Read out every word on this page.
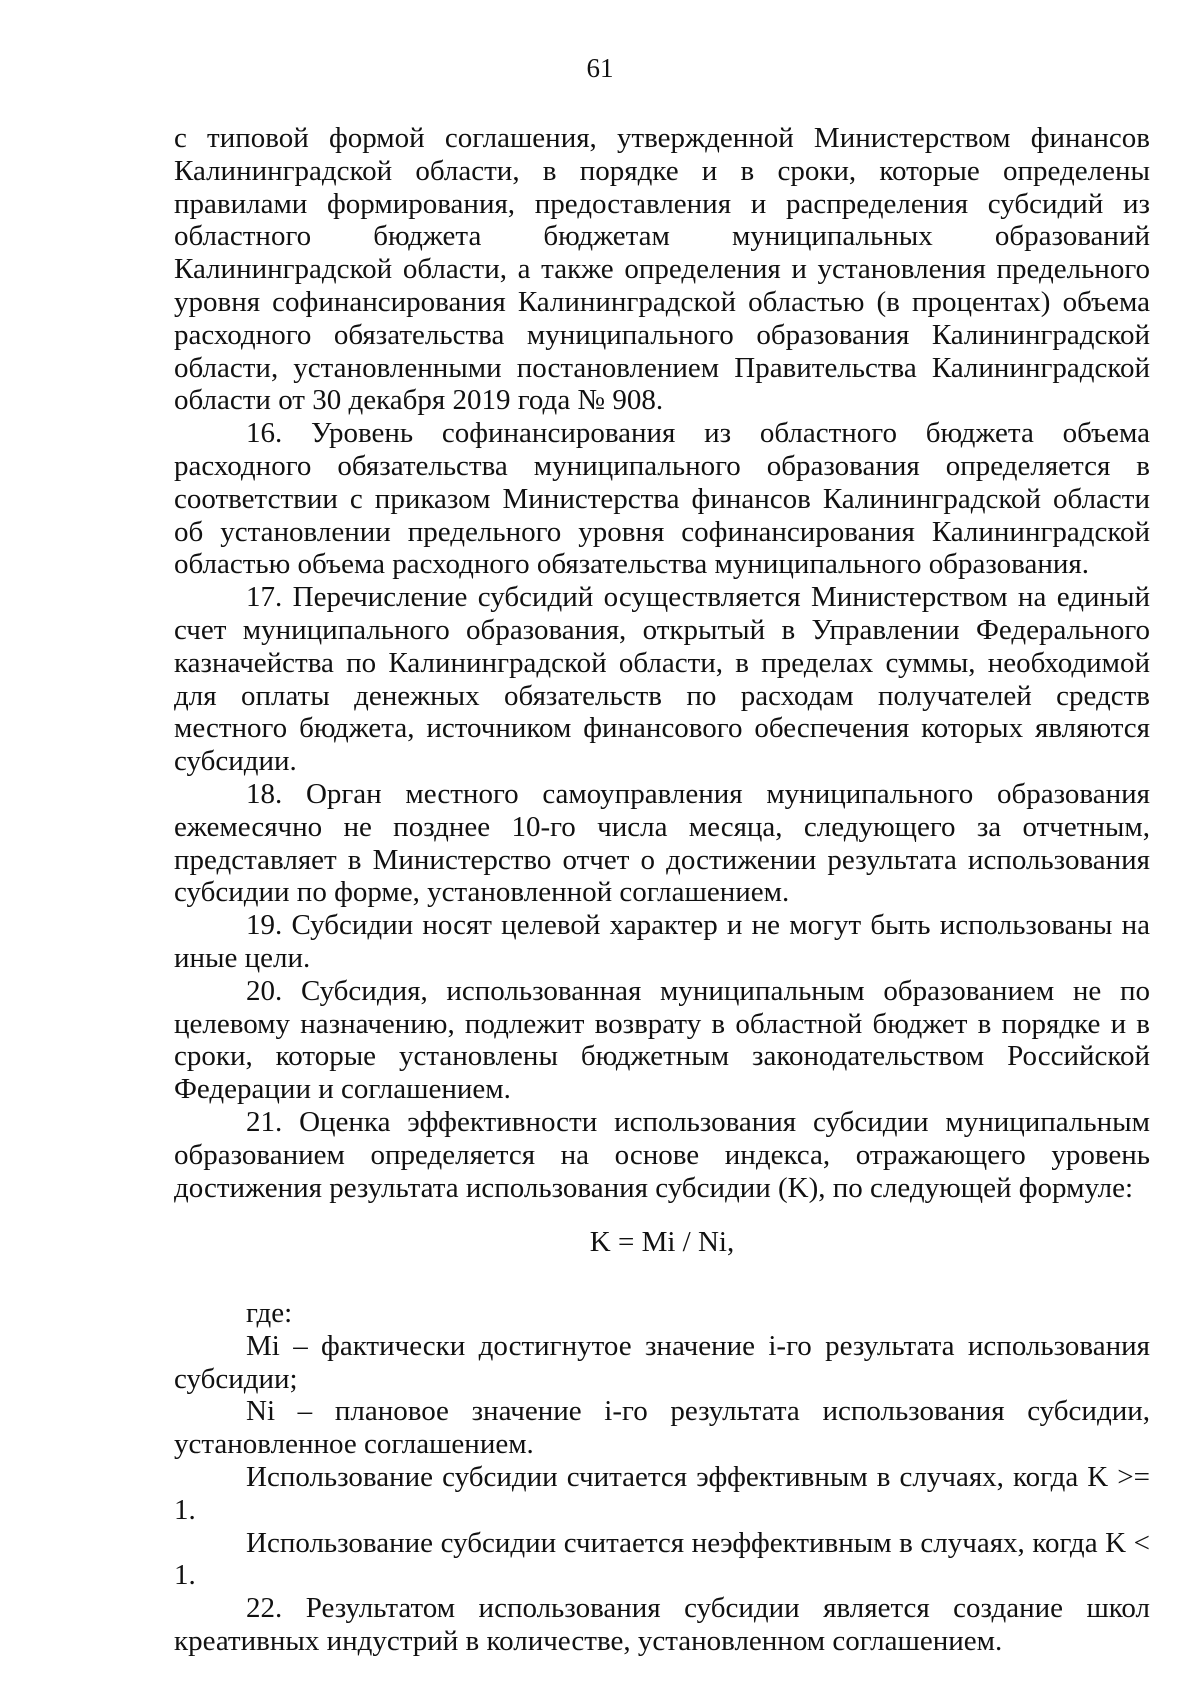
61

с типовой формой соглашения, утвержденной Министерством финансов Калининградской области, в порядке и в сроки, которые определены правилами формирования, предоставления и распределения субсидий из областного бюджета бюджетам муниципальных образований Калининградской области, а также определения и установления предельного уровня софинансирования Калининградской областью (в процентах) объема расходного обязательства муниципального образования Калининградской области, установленными постановлением Правительства Калининградской области от 30 декабря 2019 года № 908.

16. Уровень софинансирования из областного бюджета объема расходного обязательства муниципального образования определяется в соответствии с приказом Министерства финансов Калининградской области об установлении предельного уровня софинансирования Калининградской областью объема расходного обязательства муниципального образования.

17. Перечисление субсидий осуществляется Министерством на единый счет муниципального образования, открытый в Управлении Федерального казначейства по Калининградской области, в пределах суммы, необходимой для оплаты денежных обязательств по расходам получателей средств местного бюджета, источником финансового обеспечения которых являются субсидии.

18. Орган местного самоуправления муниципального образования ежемесячно не позднее 10-го числа месяца, следующего за отчетным, представляет в Министерство отчет о достижении результата использования субсидии по форме, установленной соглашением.

19. Субсидии носят целевой характер и не могут быть использованы на иные цели.

20. Субсидия, использованная муниципальным образованием не по целевому назначению, подлежит возврату в областной бюджет в порядке и в сроки, которые установлены бюджетным законодательством Российской Федерации и соглашением.

21. Оценка эффективности использования субсидии муниципальным образованием определяется на основе индекса, отражающего уровень достижения результата использования субсидии (K), по следующей формуле:

K = Mi / Ni,

где:

Mi – фактически достигнутое значение i-го результата использования субсидии;

Ni – плановое значение i-го результата использования субсидии, установленное соглашением.

Использование субсидии считается эффективным в случаях, когда K >= 1.

Использование субсидии считается неэффективным в случаях, когда K < 1.

22. Результатом использования субсидии является создание школ креативных индустрий в количестве, установленном соглашением.
